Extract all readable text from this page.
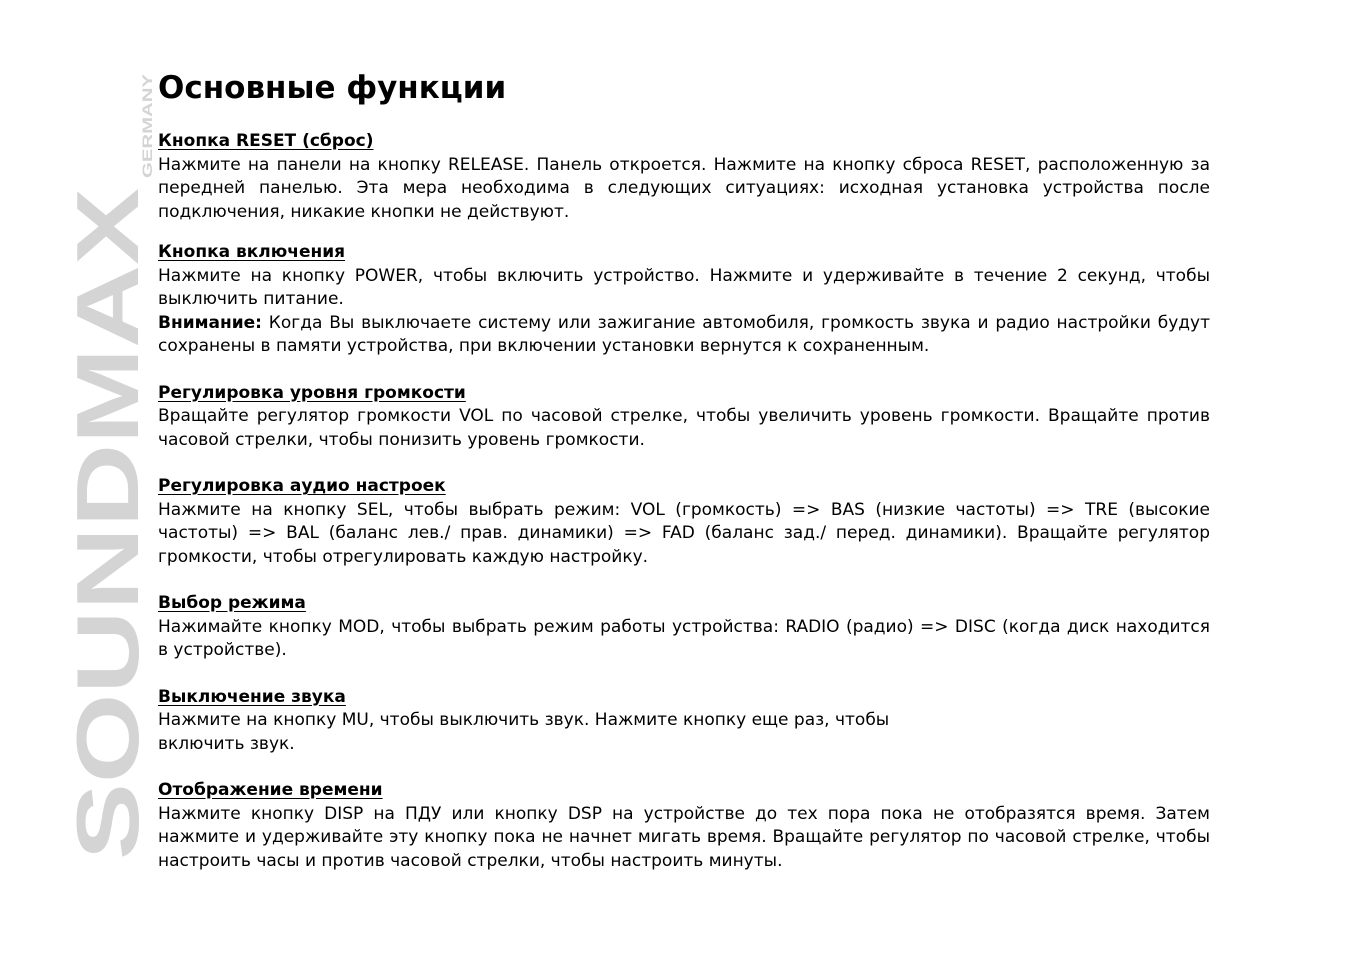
SOUNDMAX
GERMANY
Основные функции
Кнопка RESET (сброс)
Нажмите на панели на кнопку RELEASE. Панель откроется. Нажмите на кнопку сброса RESET, расположенную за передней панелью. Эта мера необходима в следующих ситуациях: исходная установка устройства после подключения, никакие кнопки не действуют.
Кнопка включения
Нажмите на кнопку POWER, чтобы включить устройство. Нажмите и удерживайте в течение 2 секунд, чтобы выключить питание.

Внимание: Когда Вы выключаете систему или зажигание автомобиля, громкость звука и радио настройки будут сохранены в памяти устройства, при включении установки вернутся к сохраненным.

Регулировка уровня громкости
Вращайте регулятор громкости VOL по часовой стрелке, чтобы увеличить уровень громкости. Вращайте против часовой стрелки, чтобы понизить уровень громкости.
Регулировка аудио настроек
Нажмите на кнопку SEL, чтобы выбрать режим: VOL (громкость) => BAS (низкие частоты) => TRE (высокие частоты) => BAL (баланс лев./ прав. динамики) => FAD (баланс зад./ перед. динамики). Вращайте регулятор громкости, чтобы отрегулировать каждую настройку.
Выбор режима
Нажимайте кнопку MOD, чтобы выбрать режим работы устройства: RADIO (радио) => DISC (когда диск находится в устройстве).
Выключение звука
Нажмите на кнопку MU, чтобы выключить звук. Нажмите кнопку еще раз, чтобы
включить звук.
Отображение времени
Нажмите кнопку DISP на ПДУ или кнопку DSP на устройстве до тех пора пока не отобразятся время. Затем нажмите и удерживайте эту кнопку пока не начнет мигать время. Вращайте регулятор по часовой стрелке, чтобы настроить часы и против часовой стрелки, чтобы настроить минуты.
